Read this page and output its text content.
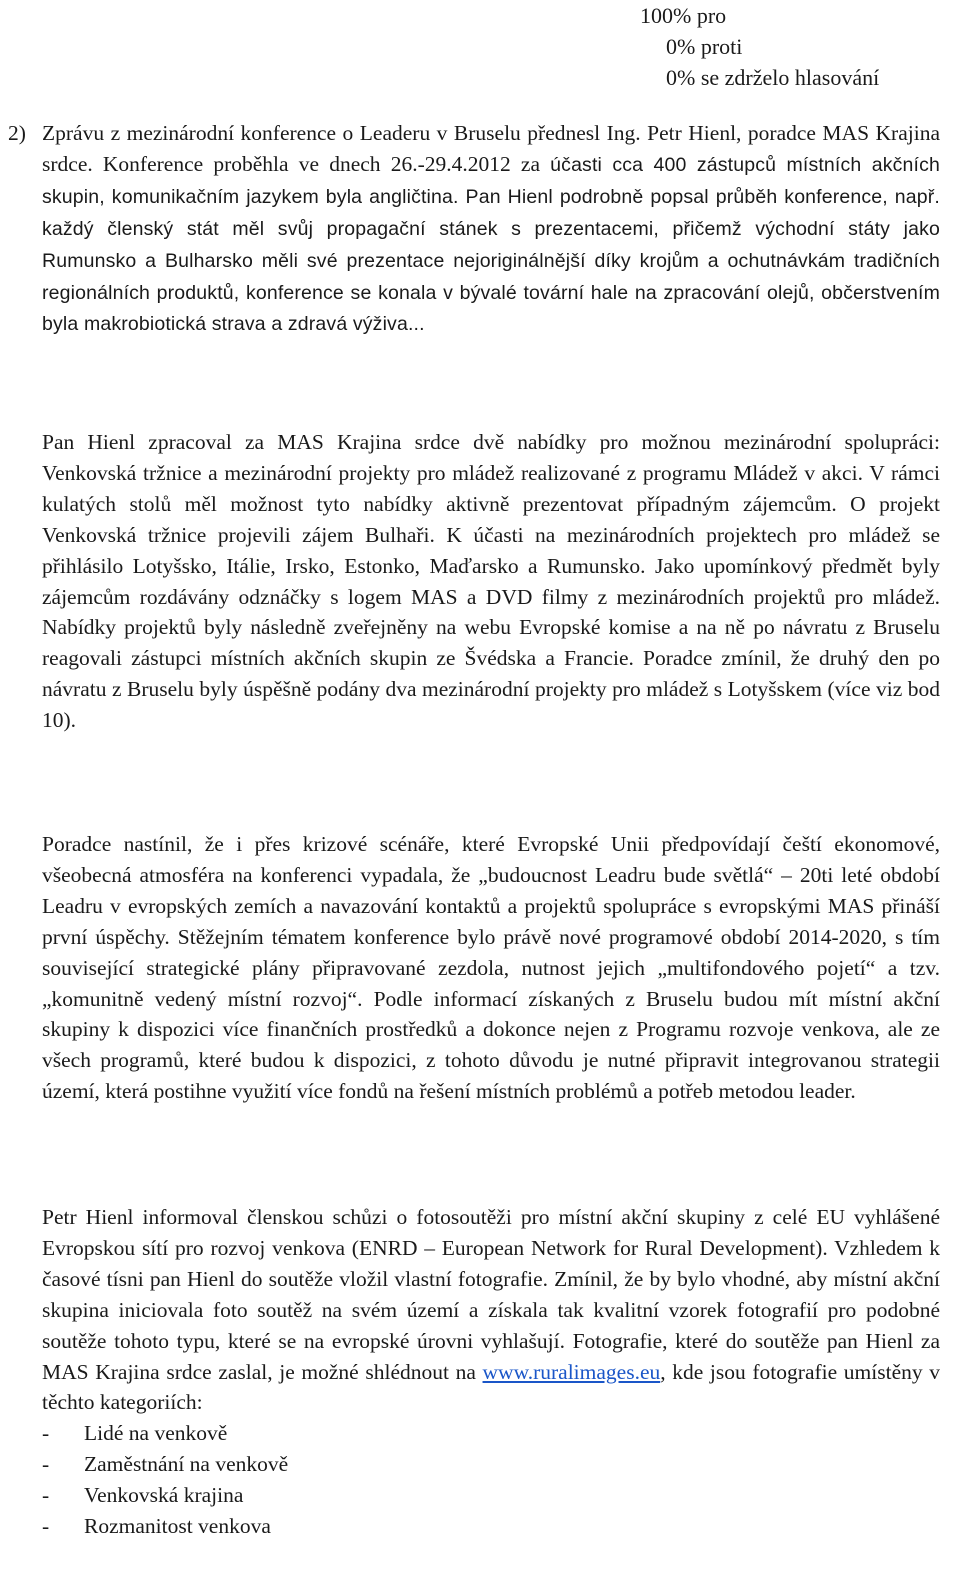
100% pro
0% proti
0% se zdrželo hlasování
2) Zprávu z mezinárodní konference o Leaderu v Bruselu přednesl Ing. Petr Hienl, poradce MAS Krajina srdce. Konference proběhla ve dnech 26.-29.4.2012 za účasti cca 400 zástupců místních akčních skupin, komunikačním jazykem byla angličtina. Pan Hienl podrobně popsal průběh konference, např. každý členský stát měl svůj propagační stánek s prezentacemi, přičemž východní státy jako Rumunsko a Bulharsko měli své prezentace nejoriginálnější díky krojům a ochutnávkám tradičních regionálních produktů, konference se konala v bývalé tovární hale na zpracování olejů, občerstvením byla makrobiotická strava a zdravá výživa...
Pan Hienl zpracoval za MAS Krajina srdce dvě nabídky pro možnou mezinárodní spolupráci: Venkovská tržnice a mezinárodní projekty pro mládež realizované z programu Mládež v akci. V rámci kulatých stolů měl možnost tyto nabídky aktivně prezentovat případným zájemcům. O projekt Venkovská tržnice projevili zájem Bulhaři. K účasti na mezinárodních projektech pro mládež se přihlásilo Lotyšsko, Itálie, Irsko, Estonko, Maďarsko a Rumunsko. Jako upomínkový předmět byly zájemcům rozdávány odznáčky s logem MAS a DVD filmy z mezinárodních projektů pro mládež. Nabídky projektů byly následně zveřejněny na webu Evropské komise a na ně po návratu z Bruselu reagovali zástupci místních akčních skupin ze Švédska a Francie. Poradce zmínil, že druhý den po návratu z Bruselu byly úspěšně podány dva mezinárodní projekty pro mládež s Lotyšskem (více viz bod 10).
Poradce nastínil, že i přes krizové scénáře, které Evropské Unii předpovídají čeští ekonomové, všeobecná atmosféra na konferenci vypadala, že „budoucnost Leadru bude světlá“ – 20ti leté období Leadru v evropských zemích a navazování kontaktů a projektů spolupráce s evropskými MAS přináší první úspěchy. Stěžejním tématem konference bylo právě nové programové období 2014-2020, s tím související strategické plány připravované zezdola, nutnost jejich „multifondového pojetí“ a tzv. „komunitně vedený místní rozvoj“. Podle informací získaných z Bruselu budou mít místní akční skupiny k dispozici více finančních prostředků a dokonce nejen z Programu rozvoje venkova, ale ze všech programů, které budou k dispozici, z tohoto důvodu je nutné připravit integrovanou strategii území, která postihne využití více fondů na řešení místních problémů a potřeb metodou leader.
Petr Hienl informoval členskou schůzi o fotosoutěži pro místní akční skupiny z celé EU vyhlášené Evropskou sítí pro rozvoj venkova (ENRD – European Network for Rural Development). Vzhledem k časové tísni pan Hienl do soutěže vložil vlastní fotografie. Zmínil, že by bylo vhodné, aby místní akční skupina iniciovala foto soutěž na svém území a získala tak kvalitní vzorek fotografií pro podobné soutěže tohoto typu, které se na evropské úrovni vyhlašují. Fotografie, které do soutěže pan Hienl za MAS Krajina srdce zaslal, je možné shlédnout na www.ruralimages.eu, kde jsou fotografie umístěny v těchto kategoriích:
- Lidé na venkově
- Zaměstnání na venkově
- Venkovská krajina
- Rozmanitost venkova
